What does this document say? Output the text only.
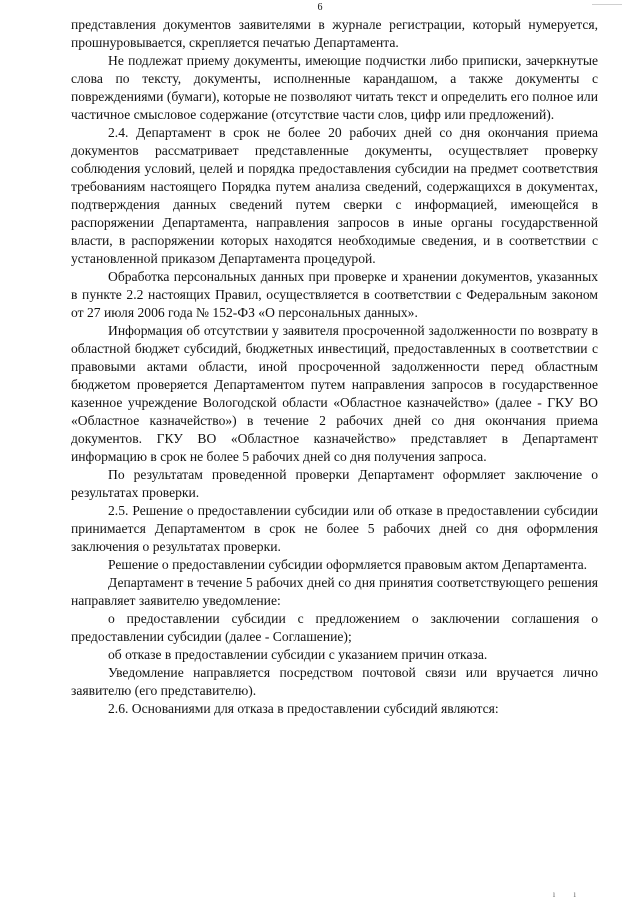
6

представления документов заявителями в журнале регистрации, который нумеруется, прошнуровывается, скрепляется печатью Департамента.

Не подлежат приему документы, имеющие подчистки либо приписки, зачеркнутые слова по тексту, документы, исполненные карандашом, а также документы с повреждениями (бумаги), которые не позволяют читать текст и определить его полное или частичное смысловое содержание (отсутствие части слов, цифр или предложений).

2.4. Департамент в срок не более 20 рабочих дней со дня окончания приема документов рассматривает представленные документы, осуществляет проверку соблюдения условий, целей и порядка предоставления субсидии на предмет соответствия требованиям настоящего Порядка путем анализа сведений, содержащихся в документах, подтверждения данных сведений путем сверки с информацией, имеющейся в распоряжении Департамента, направления запросов в иные органы государственной власти, в распоряжении которых находятся необходимые сведения, и в соответствии с установленной приказом Департамента процедурой.

Обработка персональных данных при проверке и хранении документов, указанных в пункте 2.2 настоящих Правил, осуществляется в соответствии с Федеральным законом от 27 июля 2006 года № 152-ФЗ «О персональных данных».

Информация об отсутствии у заявителя просроченной задолженности по возврату в областной бюджет субсидий, бюджетных инвестиций, предоставленных в соответствии с правовыми актами области, иной просроченной задолженности перед областным бюджетом проверяется Департаментом путем направления запросов в государственное казенное учреждение Вологодской области «Областное казначейство» (далее - ГКУ ВО «Областное казначейство») в течение 2 рабочих дней со дня окончания приема документов. ГКУ ВО «Областное казначейство» представляет в Департамент информацию в срок не более 5 рабочих дней со дня получения запроса.

По результатам проведенной проверки Департамент оформляет заключение о результатах проверки.

2.5. Решение о предоставлении субсидии или об отказе в предоставлении субсидии принимается Департаментом в срок не более 5 рабочих дней со дня оформления заключения о результатах проверки.

Решение о предоставлении субсидии оформляется правовым актом Департамента.

Департамент в течение 5 рабочих дней со дня принятия соответствующего решения направляет заявителю уведомление:

о предоставлении субсидии с предложением о заключении соглашения о предоставлении субсидии (далее - Соглашение);

об отказе в предоставлении субсидии с указанием причин отказа.

Уведомление направляется посредством почтовой связи или вручается лично заявителю (его представителю).

2.6. Основаниями для отказа в предоставлении субсидий являются:

ı ı
